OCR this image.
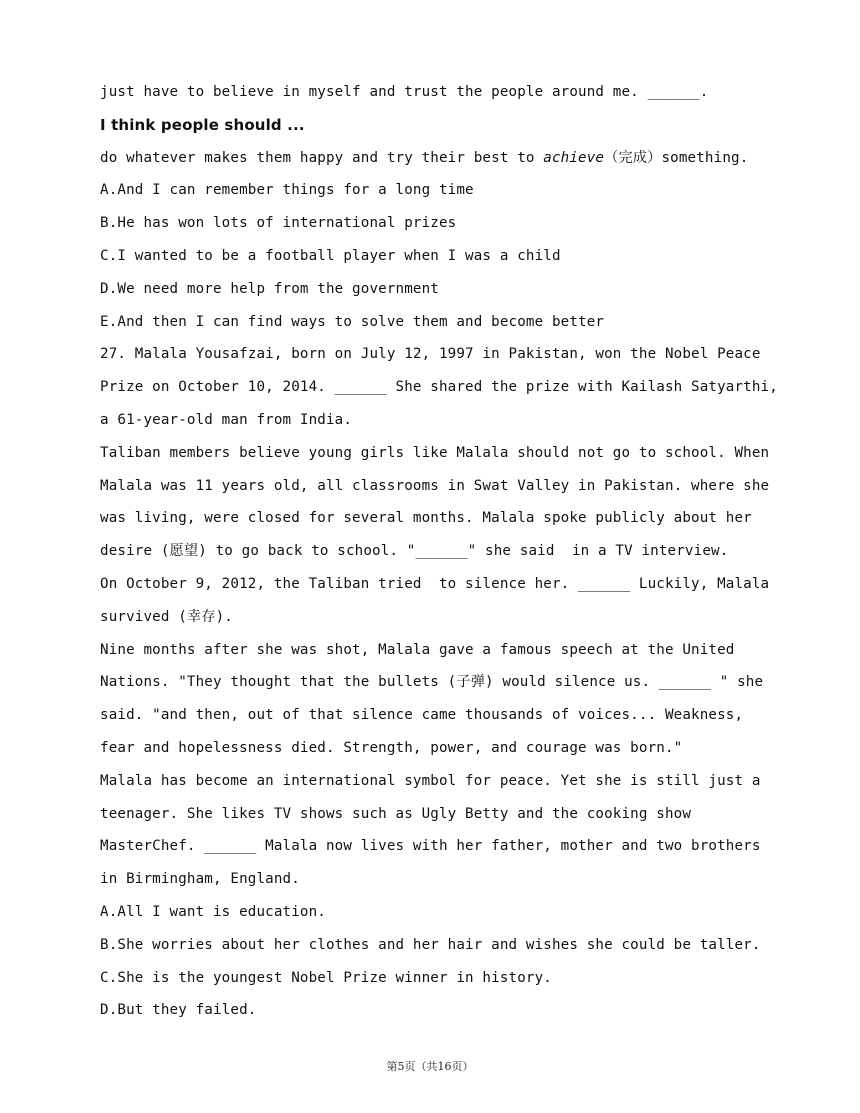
just have to believe in myself and trust the people around me. ______.
I think people should ...
do whatever makes them happy and try their best to achieve（完成）something.
A.And I can remember things for a long time
B.He has won lots of international prizes
C.I wanted to be a football player when I was a child
D.We need more help from the government
E.And then I can find ways to solve them and become better
27. Malala Yousafzai, born on July 12, 1997 in Pakistan, won the Nobel Peace
Prize on October 10, 2014. ______ She shared the prize with Kailash Satyarthi,
a 61-year-old man from India.
Taliban members believe young girls like Malala should not go to school. When
Malala was 11 years old, all classrooms in Swat Valley in Pakistan. where she
was living, were closed for several months. Malala spoke publicly about her
desire (愿望) to go back to school. "______" she said  in a TV interview.
On October 9, 2012, the Taliban tried  to silence her. ______ Luckily, Malala
survived (幸存).
Nine months after she was shot, Malala gave a famous speech at the United
Nations. "They thought that the bullets (子弹) would silence us. ______ " she
said. "and then, out of that silence came thousands of voices... Weakness,
fear and hopelessness died. Strength, power, and courage was born."
Malala has become an international symbol for peace. Yet she is still just a
teenager. She likes TV shows such as Ugly Betty and the cooking show
MasterChef. ______ Malala now lives with her father, mother and two brothers
in Birmingham, England.
A.All I want is education.
B.She worries about her clothes and her hair and wishes she could be taller.
C.She is the youngest Nobel Prize winner in history.
D.But they failed.
第5页（共16页）
